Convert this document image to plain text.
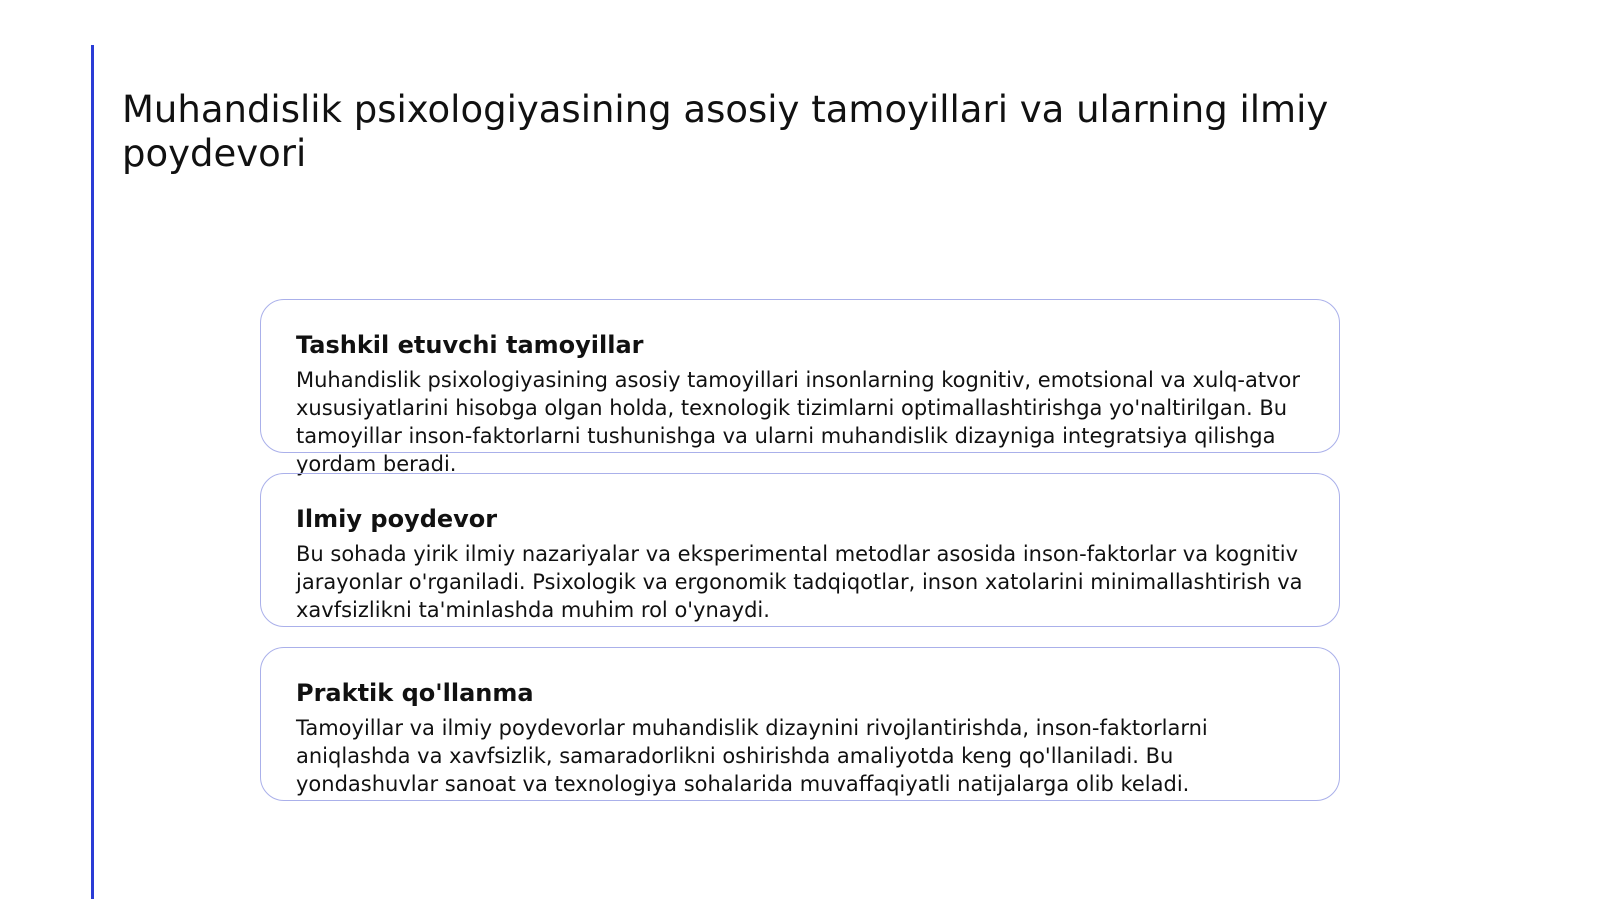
Muhandislik psixologiyasining asosiy tamoyillari va ularning ilmiy poydevori
Tashkil etuvchi tamoyillar

Muhandislik psixologiyasining asosiy tamoyillari insonlarning kognitiv, emotsional va xulq-atvor xususiyatlarini hisobga olgan holda, texnologik tizimlarni optimallashtirishga yo'naltirilgan. Bu tamoyillar inson-faktorlarni tushunishga va ularni muhandislik dizayniga integratsiya qilishga yordam beradi.

Ilmiy poydevor

Bu sohada yirik ilmiy nazariyalar va eksperimental metodlar asosida inson-faktorlar va kognitiv jarayonlar o'rganiladi. Psixologik va ergonomik tadqiqotlar, inson xatolarini minimallashtirish va xavfsizlikni ta'minlashda muhim rol o'ynaydi.

Praktik qo'llanma

Tamoyillar va ilmiy poydevorlar muhandislik dizaynini rivojlantirishda, inson-faktorlarni aniqlashda va xavfsizlik, samaradorlikni oshirishda amaliyotda keng qo'llaniladi. Bu yondashuvlar sanoat va texnologiya sohalarida muvaffaqiyatli natijalarga olib keladi.
